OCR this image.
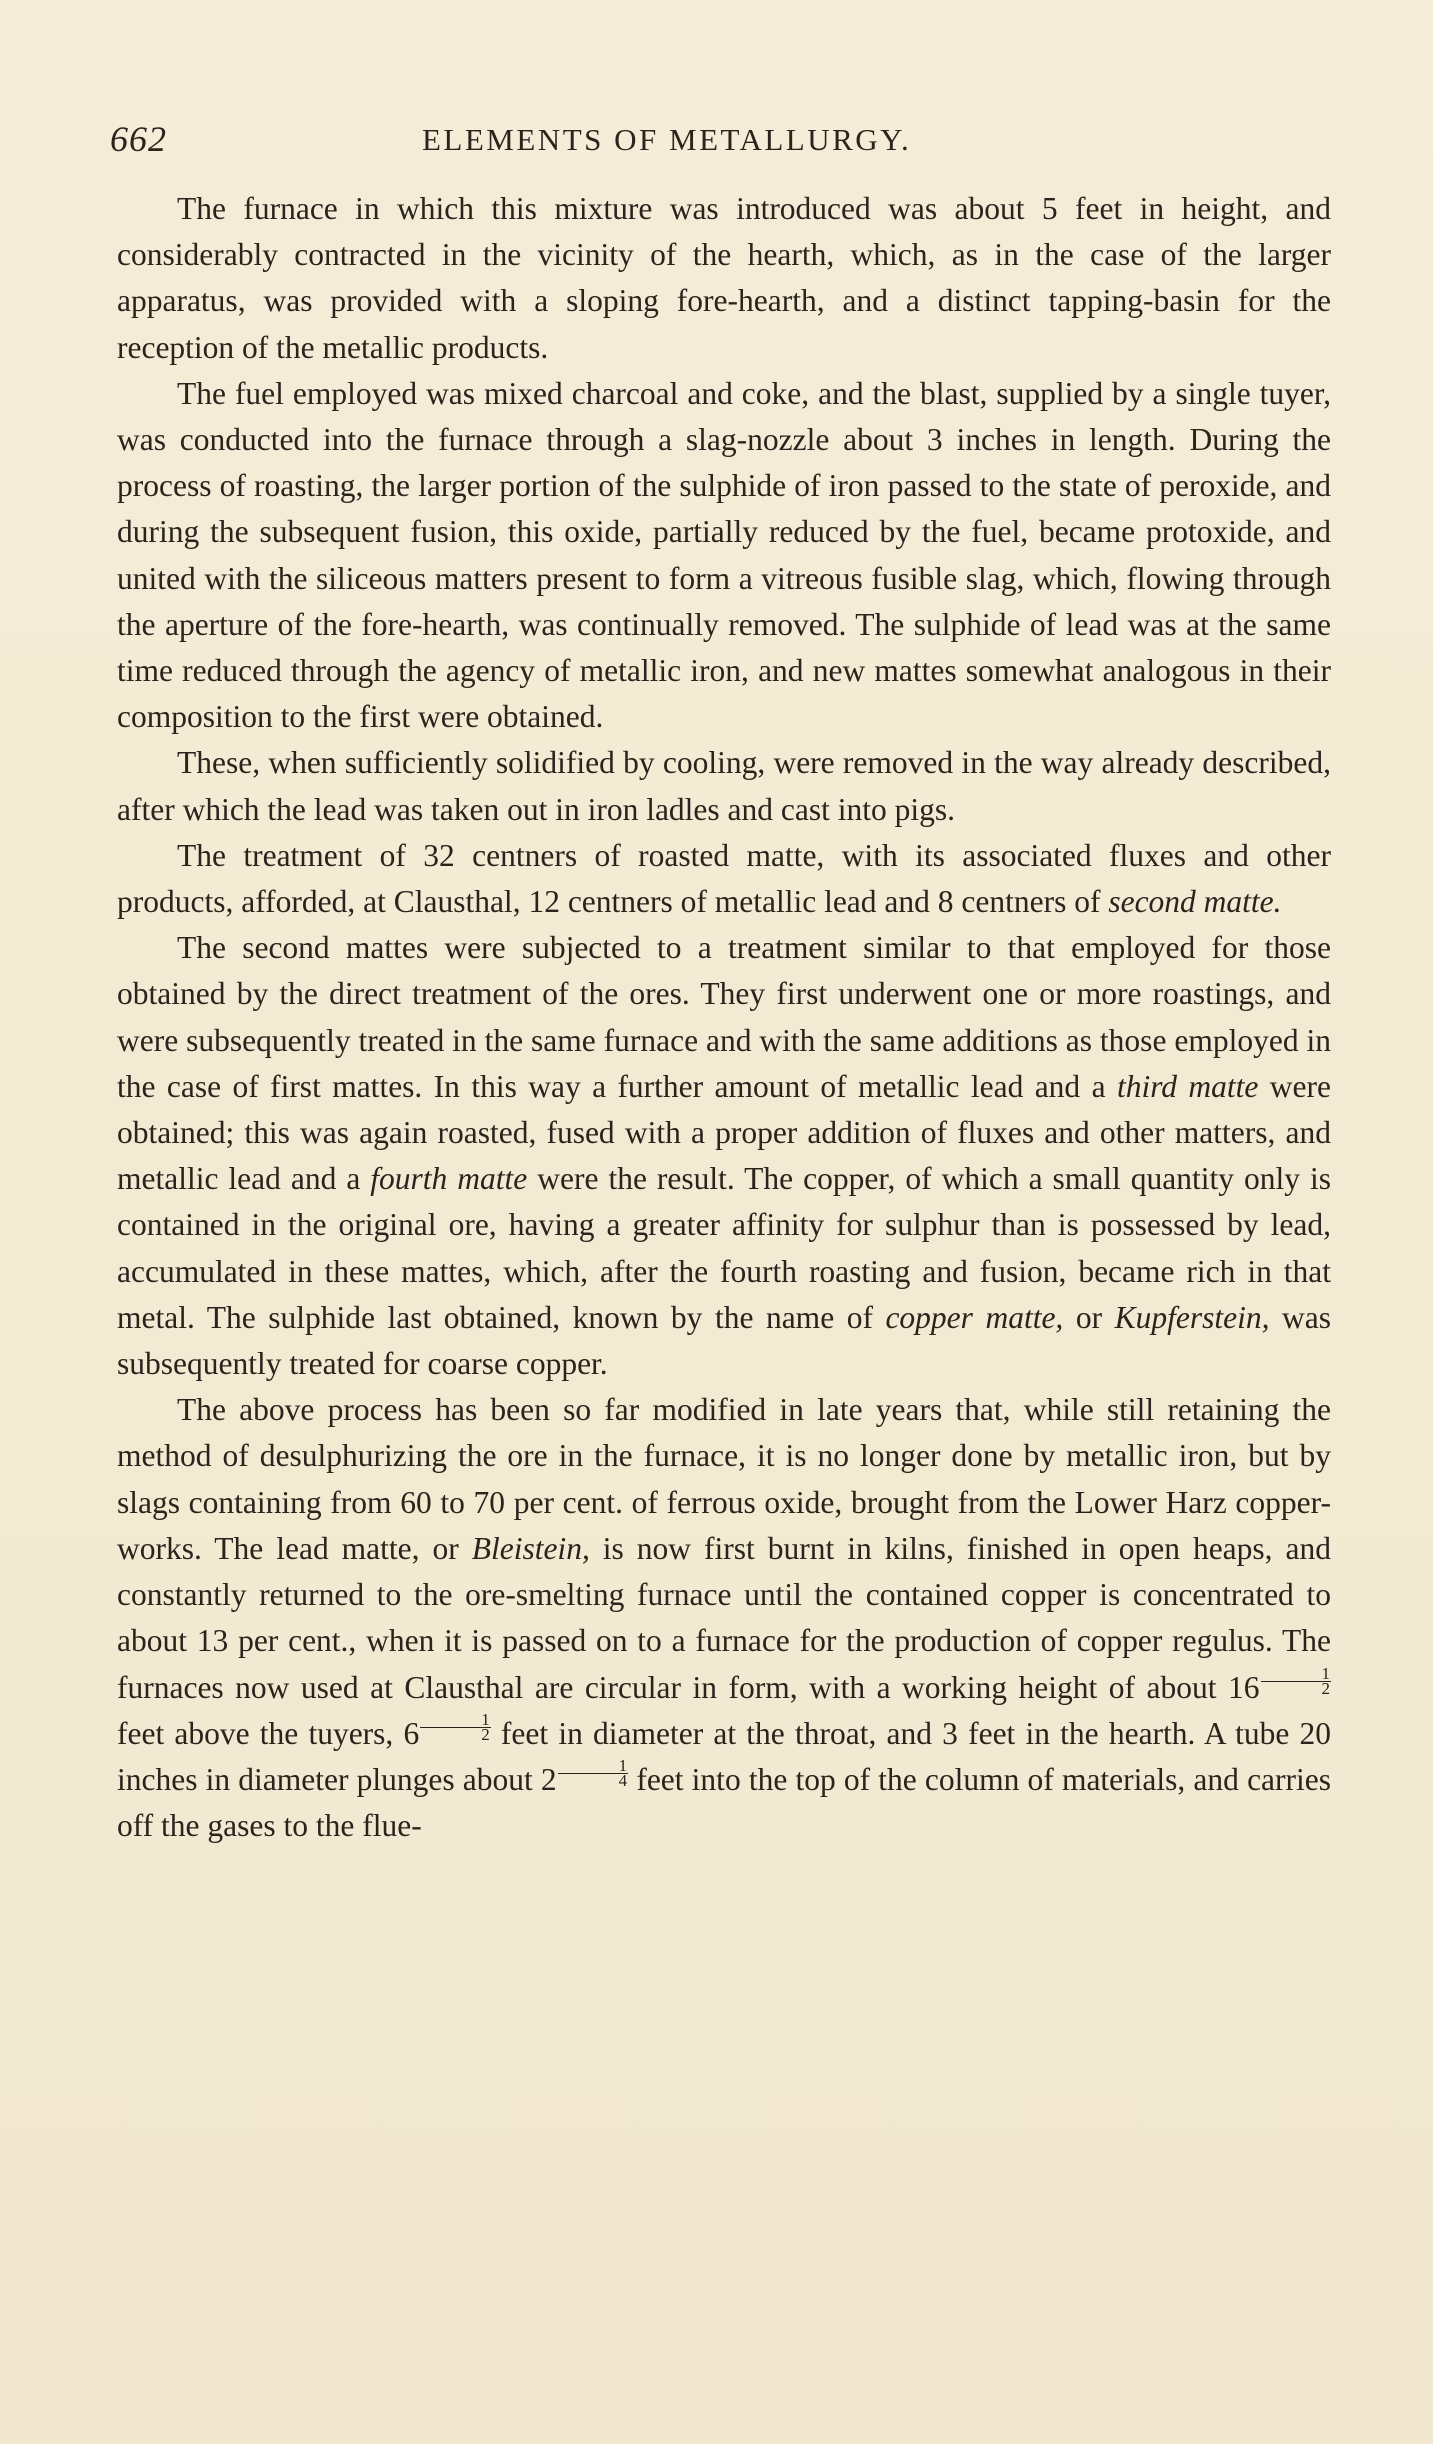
662	ELEMENTS OF METALLURGY.

The furnace in which this mixture was introduced was about 5 feet in height, and considerably contracted in the vicinity of the hearth, which, as in the case of the larger apparatus, was provided with a sloping fore-hearth, and a distinct tapping-basin for the reception of the metallic products.

The fuel employed was mixed charcoal and coke, and the blast, supplied by a single tuyer, was conducted into the furnace through a slag-nozzle about 3 inches in length. During the process of roasting, the larger portion of the sulphide of iron passed to the state of peroxide, and during the subsequent fusion, this oxide, partially reduced by the fuel, became protoxide, and united with the siliceous matters present to form a vitreous fusible slag, which, flowing through the aperture of the fore-hearth, was continually removed. The sulphide of lead was at the same time reduced through the agency of metallic iron, and new mattes somewhat analogous in their composition to the first were obtained.

These, when sufficiently solidified by cooling, were removed in the way already described, after which the lead was taken out in iron ladles and cast into pigs.

The treatment of 32 centners of roasted matte, with its associated fluxes and other products, afforded, at Clausthal, 12 centners of metallic lead and 8 centners of second matte.

The second mattes were subjected to a treatment similar to that employed for those obtained by the direct treatment of the ores. They first underwent one or more roastings, and were subsequently treated in the same furnace and with the same additions as those employed in the case of first mattes. In this way a further amount of metallic lead and a third matte were obtained; this was again roasted, fused with a proper addition of fluxes and other matters, and metallic lead and a fourth matte were the result. The copper, of which a small quantity only is contained in the original ore, having a greater affinity for sulphur than is possessed by lead, accumulated in these mattes, which, after the fourth roasting and fusion, became rich in that metal. The sulphide last obtained, known by the name of copper matte, or Kupferstein, was subsequently treated for coarse copper.

The above process has been so far modified in late years that, while still retaining the method of desulphurizing the ore in the furnace, it is no longer done by metallic iron, but by slags containing from 60 to 70 per cent. of ferrous oxide, brought from the Lower Harz copper-works. The lead matte, or Bleistein, is now first burnt in kilns, finished in open heaps, and constantly returned to the ore-smelting furnace until the contained copper is concentrated to about 13 per cent., when it is passed on to a furnace for the production of copper regulus. The furnaces now used at Clausthal are circular in form, with a working height of about $16 \frac{1}{2}$
feet above the tuyers, $6 \frac{1}{2}$ feet in diameter at the throat, and 3 feet in the hearth. A tube 20 inches in diameter plunges about $2 \frac{1}{4}$ feet into the top of the column of materials, and carries off the gases to the flue-
